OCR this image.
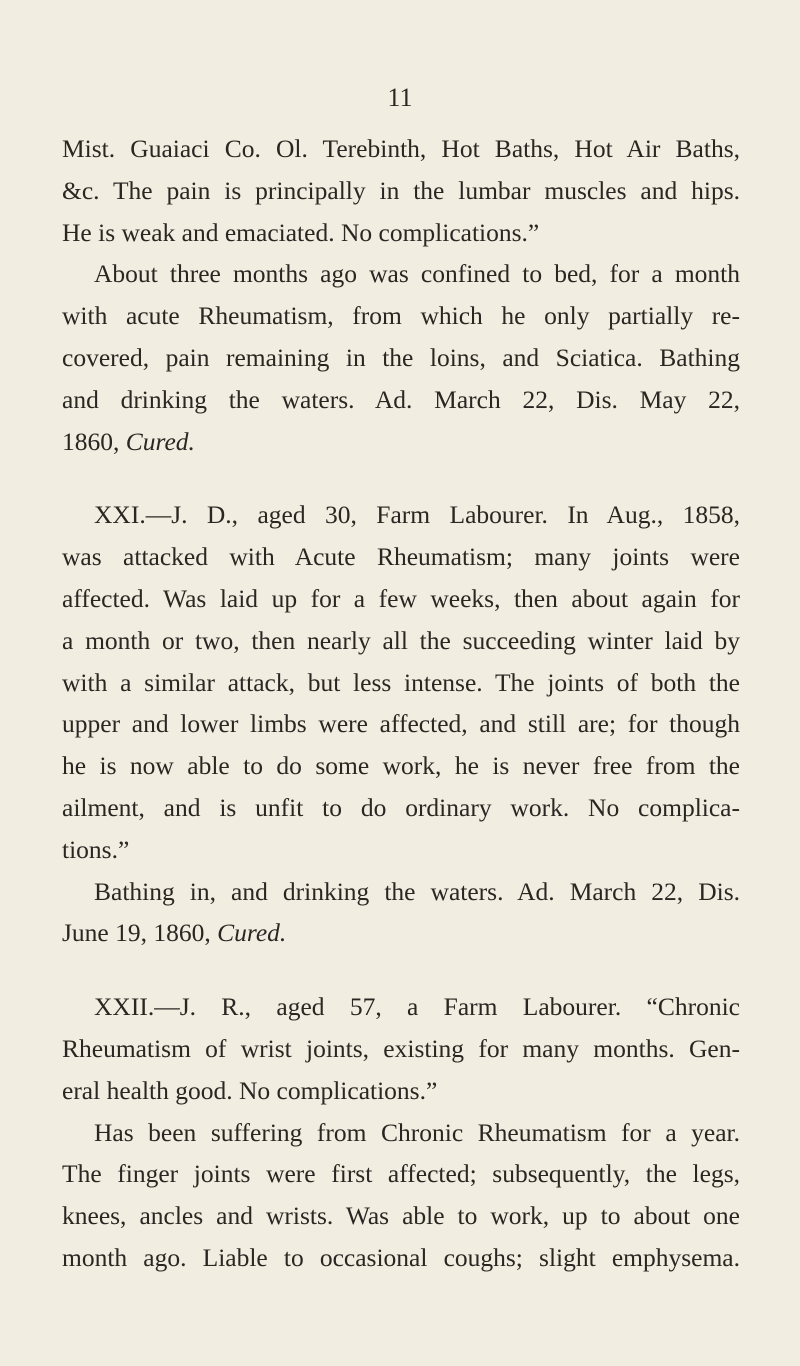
11
Mist. Guaiaci Co. Ol. Terebinth, Hot Baths, Hot Air Baths,
&c. The pain is principally in the lumbar muscles and hips.
He is weak and emaciated. No complications.”
About three months ago was confined to bed, for a month
with acute Rheumatism, from which he only partially re-
covered, pain remaining in the loins, and Sciatica. Bathing
and drinking the waters. Ad. March 22, Dis. May 22,
1860, Cured.
XXI.—J. D., aged 30, Farm Labourer. In Aug., 1858,
was attacked with Acute Rheumatism; many joints were
affected. Was laid up for a few weeks, then about again for
a month or two, then nearly all the succeeding winter laid by
with a similar attack, but less intense. The joints of both the
upper and lower limbs were affected, and still are; for though
he is now able to do some work, he is never free from the
ailment, and is unfit to do ordinary work. No complica-
tions.”
Bathing in, and drinking the waters. Ad. March 22, Dis.
June 19, 1860, Cured.
XXII.—J. R., aged 57, a Farm Labourer. “Chronic
Rheumatism of wrist joints, existing for many months. Gen-
eral health good. No complications.”
Has been suffering from Chronic Rheumatism for a year.
The finger joints were first affected; subsequently, the legs,
knees, ancles and wrists. Was able to work, up to about one
month ago. Liable to occasional coughs; slight emphysema.
